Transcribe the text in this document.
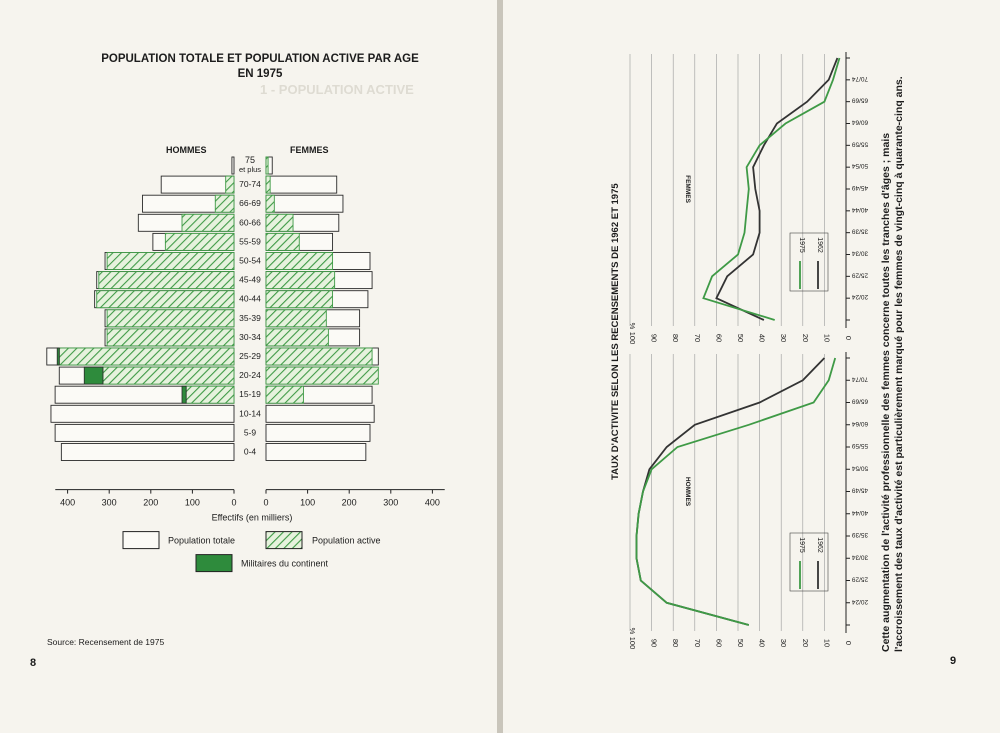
1 - POPULATION ACTIVE
POPULATION TOTALE ET POPULATION ACTIVE PAR AGE
EN 1975
HOMMES	FEMMES
Source: Recensement de 1975
8	9
TAUX D'ACTIVITE SELON LES RECENSEMENTS DE 1962 ET 1975	Cette augmentation de l'activité professionnelle des femmes concerne toutes les tranches d'âges ; mais l'accroissement des taux d'activité est particulièrement marqué pour les femmes de vingt-cinq à quarante-cinq ans.
75
et plus
70-74
66-69
60-66
55-59
50-54
45-49
40-44
35-39
30-34
25-29
20-24
15-19
10-14
5-9
0-4
400	300	200	100	0	0	100	200	300	400
Effectifs (en milliers)
Population totale	Population active
Militaires du continent
20/24
25/29
30/34
35/39
40/44
45/49
50/54
55/59
60/64
65/69
70/74
100 90 80 70 60 50 40 30 20 10 0
%
HOMMES
1975 1962
20/24
25/29
30/34
35/39
40/44
45/49
50/54
55/59
60/64
65/69
70/74
100 90 80 70 60 50 40 30 20 10 0
%
FEMMES
1975 1962
